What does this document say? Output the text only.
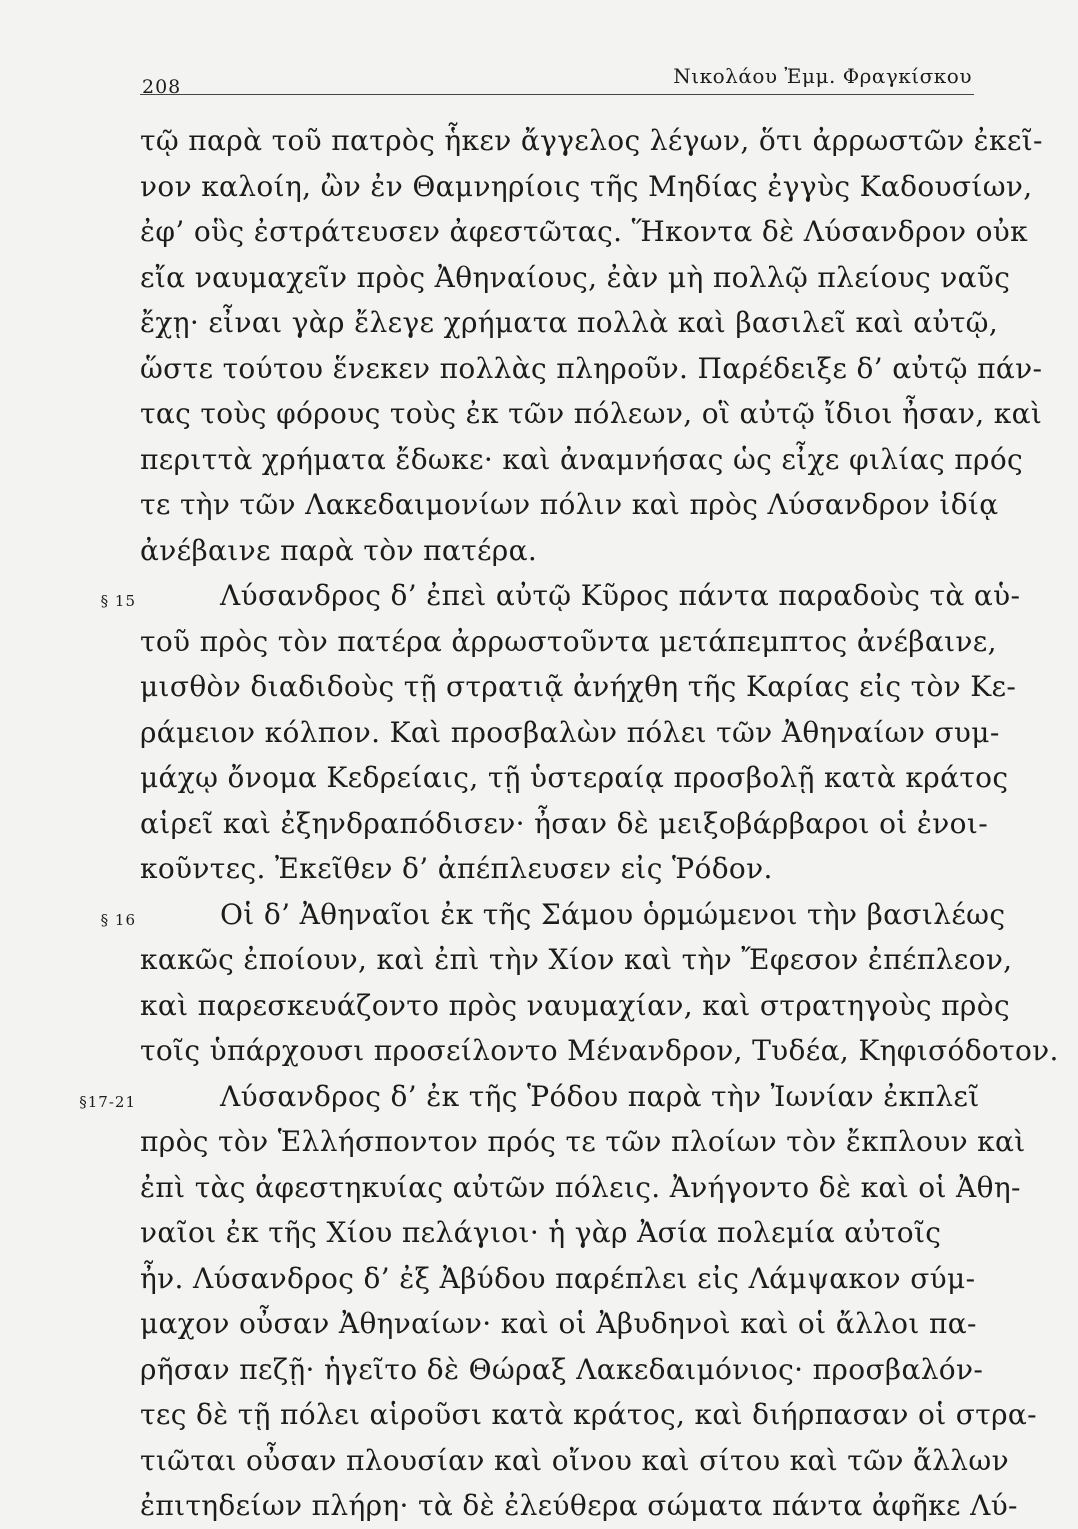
208	Νικολάου Ἐμμ. Φραγκίσκου
τῷ παρὰ τοῦ πατρὸς ἧκεν ἄγγελος λέγων, ὅτι ἀρρωστῶν ἐκεῖ-
νον καλοίη, ὢν ἐν Θαμνηρίοις τῆς Μηδίας ἐγγὺς Καδουσίων,
ἐφ’ οὓς ἐστράτευσεν ἀφεστῶτας. Ἥκοντα δὲ Λύσανδρον οὐκ
εἴα ναυμαχεῖν πρὸς Ἀθηναίους, ἐὰν μὴ πολλῷ πλείους ναῦς
ἔχῃ· εἶναι γὰρ ἔλεγε χρήματα πολλὰ καὶ βασιλεῖ καὶ αὐτῷ,
ὥστε τούτου ἕνεκεν πολλὰς πληροῦν. Παρέδειξε δ’ αὐτῷ πάν-
τας τοὺς φόρους τοὺς ἐκ τῶν πόλεων, οἳ αὐτῷ ἴδιοι ἦσαν, καὶ
περιττὰ χρήματα ἔδωκε· καὶ ἀναμνήσας ὡς εἶχε φιλίας πρός
τε τὴν τῶν Λακεδαιμονίων πόλιν καὶ πρὸς Λύσανδρον ἰδίᾳ
ἀνέβαινε παρὰ τὸν πατέρα.
§ 15	Λύσανδρος δ’ ἐπεὶ αὐτῷ Κῦρος πάντα παραδοὺς τὰ αὑ-
τοῦ πρὸς τὸν πατέρα ἀρρωστοῦντα μετάπεμπτος ἀνέβαινε,
μισθὸν διαδιδοὺς τῇ στρατιᾷ ἀνήχθη τῆς Καρίας εἰς τὸν Κε-
ράμειον κόλπον. Καὶ προσβαλὼν πόλει τῶν Ἀθηναίων συμ-
μάχῳ ὄνομα Κεδρείαις, τῇ ὑστεραίᾳ προσβολῇ κατὰ κράτος
αἱρεῖ καὶ ἐξηνδραπόδισεν· ἦσαν δὲ μειξοβάρβαροι οἱ ἐνοι-
κοῦντες. Ἐκεῖθεν δ’ ἀπέπλευσεν εἰς Ῥόδον.
§ 16	Οἱ δ’ Ἀθηναῖοι ἐκ τῆς Σάμου ὁρμώμενοι τὴν βασιλέως
κακῶς ἐποίουν, καὶ ἐπὶ τὴν Χίον καὶ τὴν Ἔφεσον ἐπέπλεον,
καὶ παρεσκευάζοντο πρὸς ναυμαχίαν, καὶ στρατηγοὺς πρὸς
τοῖς ὑπάρχουσι προσείλοντο Μένανδρον, Τυδέα, Κηφισόδοτον.
§17-21	Λύσανδρος δ’ ἐκ τῆς Ῥόδου παρὰ τὴν Ἰωνίαν ἐκπλεῖ
πρὸς τὸν Ἑλλήσποντον πρός τε τῶν πλοίων τὸν ἔκπλουν καὶ
ἐπὶ τὰς ἀφεστηκυίας αὐτῶν πόλεις. Ἀνήγοντο δὲ καὶ οἱ Ἀθη-
ναῖοι ἐκ τῆς Χίου πελάγιοι· ἡ γὰρ Ἀσία πολεμία αὐτοῖς
ἦν. Λύσανδρος δ’ ἐξ Ἀβύδου παρέπλει εἰς Λάμψακον σύμ-
μαχον οὖσαν Ἀθηναίων· καὶ οἱ Ἀβυδηνοὶ καὶ οἱ ἄλλοι πα-
ρῆσαν πεζῇ· ἡγεῖτο δὲ Θώραξ Λακεδαιμόνιος· προσβαλόν-
τες δὲ τῇ πόλει αἱροῦσι κατὰ κράτος, καὶ διήρπασαν οἱ στρα-
τιῶται οὖσαν πλουσίαν καὶ οἴνου καὶ σίτου καὶ τῶν ἄλλων
ἐπιτηδείων πλήρη· τὰ δὲ ἐλεύθερα σώματα πάντα ἀφῆκε Λύ-
